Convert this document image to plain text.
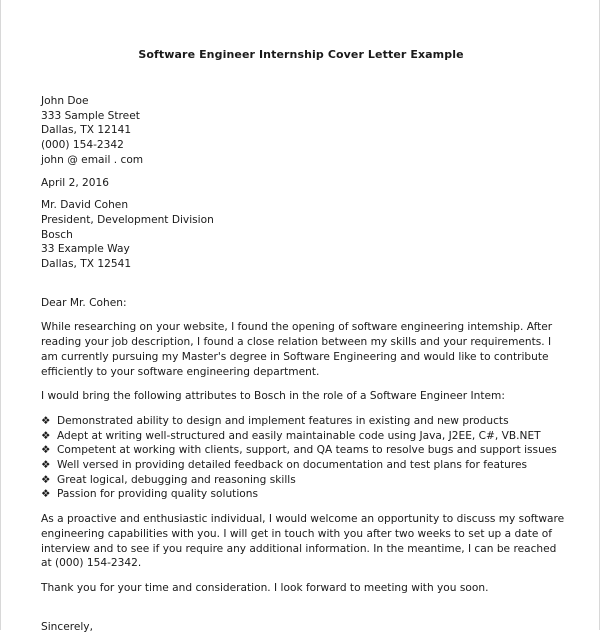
Software Engineer Internship Cover Letter Example
John Doe
333 Sample Street
Dallas, TX 12141
(000) 154-2342
john @ email . com
April 2, 2016
Mr. David Cohen
President, Development Division
Bosch
33 Example Way
Dallas, TX 12541
Dear Mr. Cohen:
While researching on your website, I found the opening of software engineering intemship. After
reading your job description, I found a close relation between my skills and your requirements. I
am currently pursuing my Master's degree in Software Engineering and would like to contribute
efficiently to your software engineering department.
I would bring the following attributes to Bosch in the role of a Software Engineer Intem:
❖ Demonstrated ability to design and implement features in existing and new products
❖ Adept at writing well-structured and easily maintainable code using Java, J2EE, C#, VB.NET
❖ Competent at working with clients, support, and QA teams to resolve bugs and support issues
❖ Well versed in providing detailed feedback on documentation and test plans for features
❖ Great logical, debugging and reasoning skills
❖ Passion for providing quality solutions
As a proactive and enthusiastic individual, I would welcome an opportunity to discuss my software
engineering capabilities with you. I will get in touch with you after two weeks to set up a date of
interview and to see if you require any additional information. In the meantime, I can be reached
at (000) 154-2342.
Thank you for your time and consideration. I look forward to meeting with you soon.
Sincerely,
